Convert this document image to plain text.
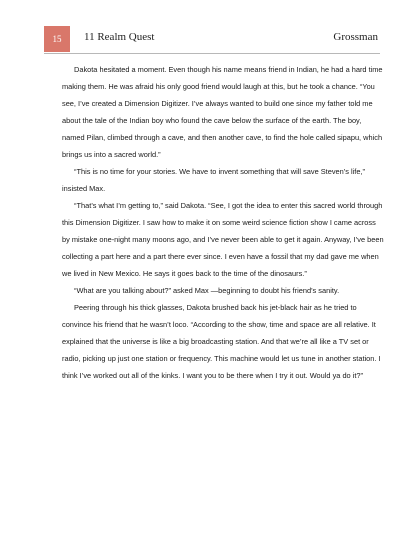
15	11 Realm Quest	Grossman

Dakota hesitated a moment. Even though his name means friend in Indian, he had a hard time making them. He was afraid his only good friend would laugh at this, but he took a chance. “You see, I’ve created a Dimension Digitizer. I’ve always wanted to build one since my father told me about the tale of the Indian boy who found the cave below the surface of the earth. The boy, named Pilan, climbed through a cave, and then another cave, to find the hole called sipapu, which brings us into a sacred world.”

“This is no time for your stories. We have to invent something that will save Steven’s life,” insisted Max.

“That’s what I’m getting to,” said Dakota. “See, I got the idea to enter this sacred world through this Dimension Digitizer. I saw how to make it on some weird science fiction show I came across by mistake one-night many moons ago, and I’ve never been able to get it again. Anyway, I’ve been collecting a part here and a part there ever since. I even have a fossil that my dad gave me when we lived in New Mexico. He says it goes back to the time of the dinosaurs.”

“What are you talking about?” asked Max —beginning to doubt his friend’s sanity.

Peering through his thick glasses, Dakota brushed back his jet-black hair as he tried to convince his friend that he wasn’t loco. “According to the show, time and space are all relative. It explained that the universe is like a big broadcasting station. And that we’re all like a TV set or radio, picking up just one station or frequency. This machine would let us tune in another station. I think I’ve worked out all of the kinks. I want you to be there when I try it out. Would ya do it?”
